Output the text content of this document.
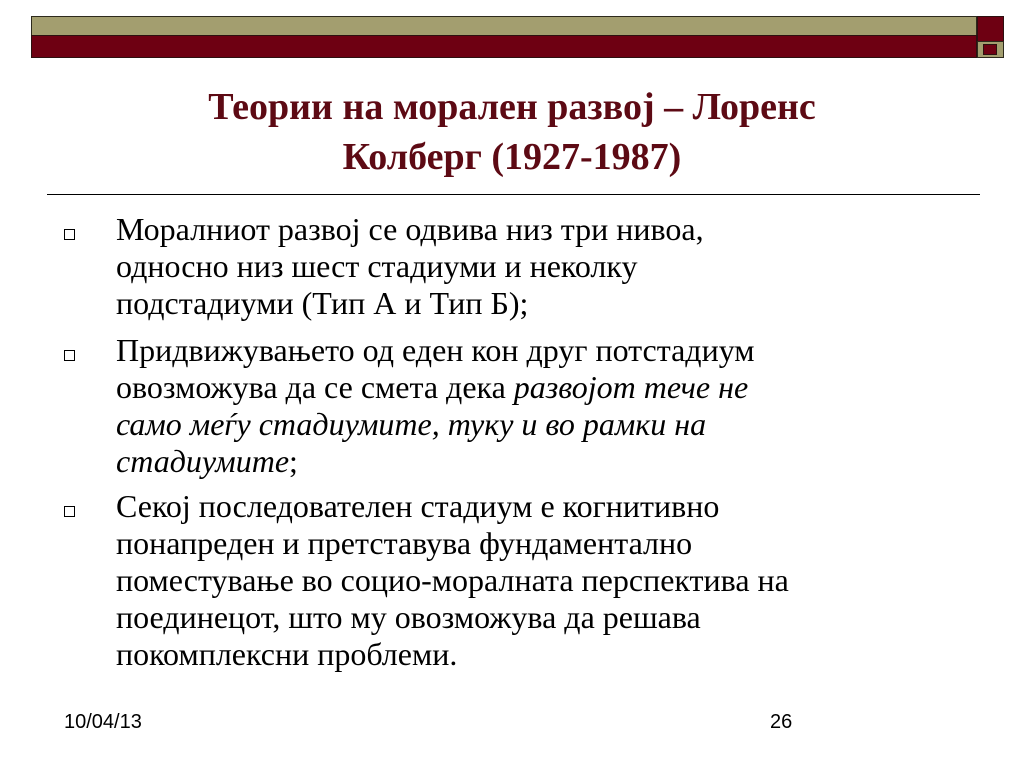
Теории на морален развој – Лоренс
Колберг (1927-1987)
Моралниот развој се одвива низ три нивоа,
односно низ шест стадиуми и неколку
подстадиуми (Тип А и Тип Б);
Придвижувањето од еден кон друг потстадиум
овозможува да се смета дека развојот тече не
само меѓу стадиумите, туку и во рамки на
стадиумите;
Секој последователен стадиум е когнитивно
понапреден и претставува фундаментално
поместување во социо-моралната перспектива на
поединецот, што му овозможува да решава
покомплексни проблеми.
10/04/13	26
